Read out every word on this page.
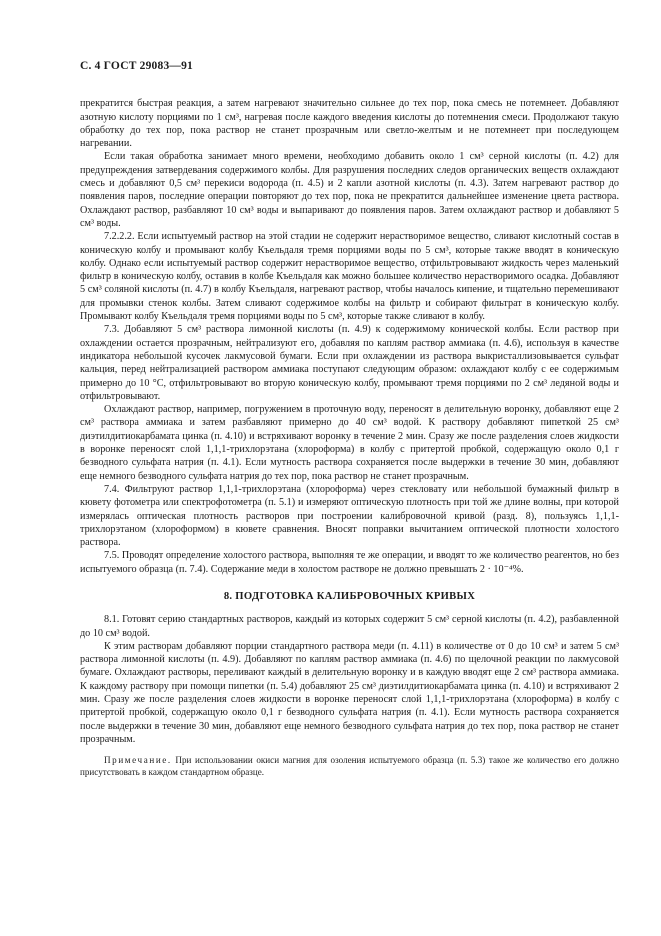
С. 4 ГОСТ 29083—91

прекратится быстрая реакция, а затем нагревают значительно сильнее до тех пор, пока смесь не потемнеет. Добавляют азотную кислоту порциями по 1 см³, нагревая после каждого введения кислоты до потемнения смеси. Продолжают такую обработку до тех пор, пока раствор не станет прозрачным или светло-желтым и не потемнеет при последующем нагревании.

Если такая обработка занимает много времени, необходимо добавить около 1 см³ серной кислоты (п. 4.2) для предупреждения затвердевания содержимого колбы. Для разрушения последних следов органических веществ охлаждают смесь и добавляют 0,5 см³ перекиси водорода (п. 4.5) и 2 капли азотной кислоты (п. 4.3). Затем нагревают раствор до появления паров, последние операции повторяют до тех пор, пока не прекратится дальнейшее изменение цвета раствора. Охлаждают раствор, разбавляют 10 см³ воды и выпаривают до появления паров. Затем охлаждают раствор и добавляют 5 см³ воды.

7.2.2.2. Если испытуемый раствор на этой стадии не содержит нерастворимое вещество, сливают кислотный состав в коническую колбу и промывают колбу Къельдаля тремя порциями воды по 5 см³, которые также вводят в коническую колбу. Однако если испытуемый раствор содержит нерастворимое вещество, отфильтровывают жидкость через маленький фильтр в коническую колбу, оставив в колбе Къельдаля как можно большее количество нерастворимого осадка. Добавляют 5 см³ соляной кислоты (п. 4.7) в колбу Къельдаля, нагревают раствор, чтобы началось кипение, и тщательно перемешивают для промывки стенок колбы. Затем сливают содержимое колбы на фильтр и собирают фильтрат в коническую колбу. Промывают колбу Къельдаля тремя порциями воды по 5 см³, которые также сливают в колбу.

7.3. Добавляют 5 см³ раствора лимонной кислоты (п. 4.9) к содержимому конической колбы. Если раствор при охлаждении остается прозрачным, нейтрализуют его, добавляя по каплям раствор аммиака (п. 4.6), используя в качестве индикатора небольшой кусочек лакмусовой бумаги. Если при охлаждении из раствора выкристаллизовывается сульфат кальция, перед нейтрализацией раствором аммиака поступают следующим образом: охлаждают колбу с ее содержимым примерно до 10 °С, отфильтровывают во вторую коническую колбу, промывают тремя порциями по 2 см³ ледяной воды и отфильтровывают.

Охлаждают раствор, например, погружением в проточную воду, переносят в делительную воронку, добавляют еще 2 см³ раствора аммиака и затем разбавляют примерно до 40 см³ водой. К раствору добавляют пипеткой 25 см³ диэтилдитиокарбамата цинка (п. 4.10) и встряхивают воронку в течение 2 мин. Сразу же после разделения слоев жидкости в воронке переносят слой 1,1,1-трихлорэтана (хлороформа) в колбу с притертой пробкой, содержащую около 0,1 г безводного сульфата натрия (п. 4.1). Если мутность раствора сохраняется после выдержки в течение 30 мин, добавляют еще немного безводного сульфата натрия до тех пор, пока раствор не станет прозрачным.

7.4. Фильтруют раствор 1,1,1-трихлорэтана (хлороформа) через стекловату или небольшой бумажный фильтр в кювету фотометра или спектрофотометра (п. 5.1) и измеряют оптическую плотность при той же длине волны, при которой измерялась оптическая плотность растворов при построении калибровочной кривой (разд. 8), пользуясь 1,1,1-трихлорэтаном (хлороформом) в кювете сравнения. Вносят поправки вычитанием оптической плотности холостого раствора.

7.5. Проводят определение холостого раствора, выполняя те же операции, и вводят то же количество реагентов, но без испытуемого образца (п. 7.4). Содержание меди в холостом растворе не должно превышать 2 · 10⁻⁴%.

8. ПОДГОТОВКА КАЛИБРОВОЧНЫХ КРИВЫХ

8.1. Готовят серию стандартных растворов, каждый из которых содержит 5 см³ серной кислоты (п. 4.2), разбавленной до 10 см³ водой.

К этим растворам добавляют порции стандартного раствора меди (п. 4.11) в количестве от 0 до 10 см³ и затем 5 см³ раствора лимонной кислоты (п. 4.9). Добавляют по каплям раствор аммиака (п. 4.6) по щелочной реакции по лакмусовой бумаге. Охлаждают растворы, переливают каждый в делительную воронку и в каждую вводят еще 2 см³ раствора аммиака. К каждому раствору при помощи пипетки (п. 5.4) добавляют 25 см³ диэтилдитиокарбамата цинка (п. 4.10) и встряхивают 2 мин. Сразу же после разделения слоев жидкости в воронке переносят слой 1,1,1-трихлорэтана (хлороформа) в колбу с притертой пробкой, содержащую около 0,1 г безводного сульфата натрия (п. 4.1). Если мутность раствора сохраняется после выдержки в течение 30 мин, добавляют еще немного безводного сульфата натрия до тех пор, пока раствор не станет прозрачным.

Примечание. При использовании окиси магния для озоления испытуемого образца (п. 5.3) такое же количество его должно присутствовать в каждом стандартном образце.
